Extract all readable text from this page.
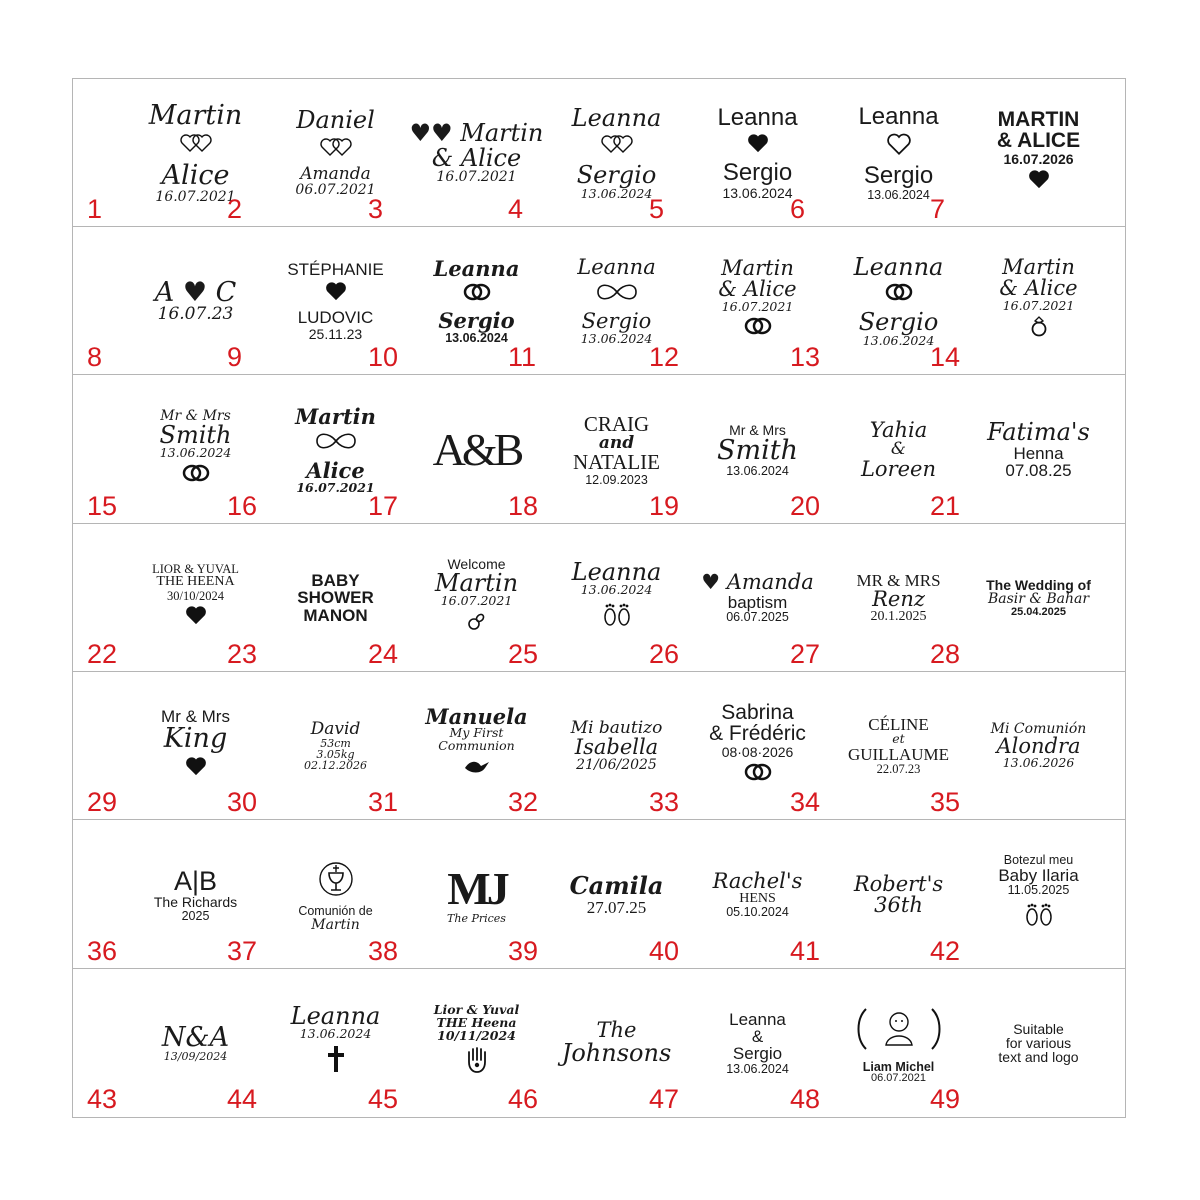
1
Martin
Alice
16.07.2021
2
Daniel
Amanda
06.07.2021
3
♥♥ Martin
& Alice
16.07.2021
4
Leanna
Sergio
13.06.2024
5
Leanna
Sergio
13.06.2024
6
Leanna
Sergio
13.06.2024 7
MARTIN
& ALICE
16.07.2026
8
A ♥ C
16.07.23
9
STÉPHANIE
LUDOVIC
25.11.23
10
Leanna
Sergio
13.06.2024
11
Leanna
Sergio
13.06.2024
12
Martin
& Alice
16.07.2021
13
Leanna
Sergio
13.06.2024
14
Martin
& Alice
16.07.2021
15
Mr & Mrs
Smith
13.06.2024
16
Martin
Alice
16.07.2021
17
A&B
18
CRAIG
and
NATALIE
12.09.2023
19
Mr & Mrs
Smith
13.06.2024
20
Yahia
&
Loreen
21
Fatima's
Henna
07.08.25
22
LIOR & YUVAL
THE HEENA
30/10/2024
23
BABY
SHOWER
MANON
24
Welcome
Martin
16.07.2021
25
Leanna
13.06.2024
26
♥ Amanda
baptism
06.07.2025
27
MR & MRS
Renz
20.1.2025
28
The Wedding of
Basir & Bahar
25.04.2025
29
Mr & Mrs
King
30
David
53cm
3.05kg
02.12.2026
31
Manuela
My First
Communion
32
Mi bautizo
Isabella
21/06/2025
33
Sabrina
& Frédéric
08·08·2026
34
CÉLINE
et
GUILLAUME
22.07.23
35
Mi Comunión
Alondra
13.06.2026
36
A|B
The Richards
2025
37
Comunión de
Martin
38
MJ
The Prices
39
Camila
27.07.25
40
Rachel's
HENS
05.10.2024
41
Robert's
36th
42
Botezul meu
Baby Ilaria
11.05.2025
43
N&A
13/09/2024
44
Leanna
13.06.2024
45
Lior & Yuval
THE Heena
10/11/2024
46
The
Johnsons
47
Leanna
&
Sergio
13.06.2024
48
Liam Michel
06.07.2021
49
Suitable
for various
text and logo
